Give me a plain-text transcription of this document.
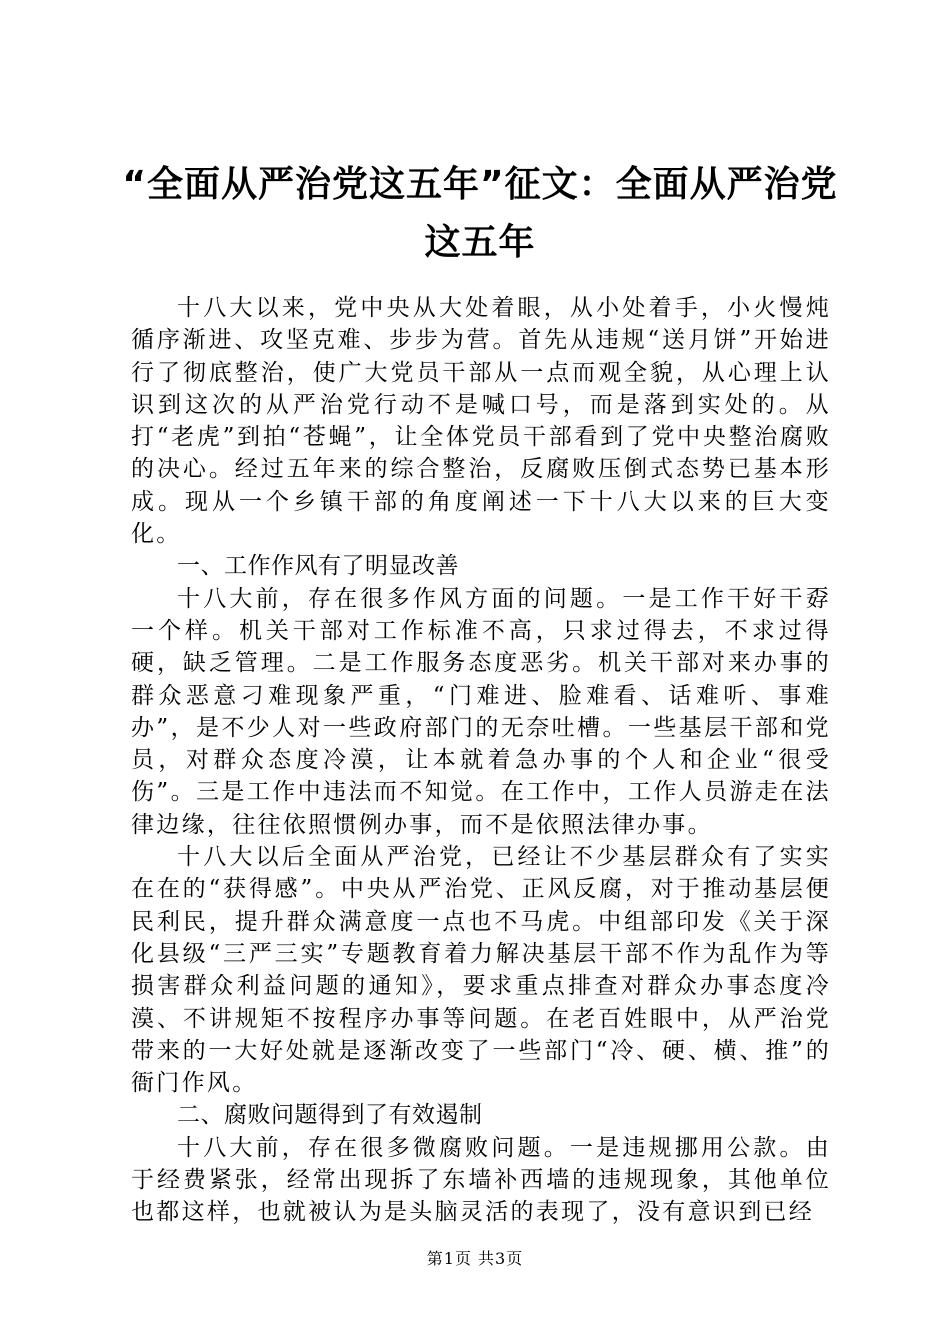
“全面从严治党这五年”征文：全面从严治党这五年

十八大以来，党中央从大处着眼，从小处着手，小火慢炖循序渐进、攻坚克难、步步为营。首先从违规“送月饼”开始进行了彻底整治，使广大党员干部从一点而观全貌，从心理上认识到这次的从严治党行动不是喊口号，而是落到实处的。从打“老虎”到拍“苍蝇”，让全体党员干部看到了党中央整治腐败的决心。经过五年来的综合整治，反腐败压倒式态势已基本形成。现从一个乡镇干部的角度阐述一下十八大以来的巨大变化。

一、工作作风有了明显改善

十八大前，存在很多作风方面的问题。一是工作干好干孬一个样。机关干部对工作标准不高，只求过得去，不求过得硬，缺乏管理。二是工作服务态度恶劣。机关干部对来办事的群众恶意刁难现象严重，“门难进、脸难看、话难听、事难办”，是不少人对一些政府部门的无奈吐槽。一些基层干部和党员，对群众态度冷漠，让本就着急办事的个人和企业“很受伤”。三是工作中违法而不知觉。在工作中，工作人员游走在法律边缘，往往依照惯例办事，而不是依照法律办事。

十八大以后全面从严治党，已经让不少基层群众有了实实在在的“获得感”。中央从严治党、正风反腐，对于推动基层便民利民，提升群众满意度一点也不马虎。中组部印发《关于深化县级“三严三实”专题教育着力解决基层干部不作为乱作为等损害群众利益问题的通知》，要求重点排查对群众办事态度冷漠、不讲规矩不按程序办事等问题。在老百姓眼中，从严治党带来的一大好处就是逐渐改变了一些部门“冷、硬、横、推”的衙门作风。

二、腐败问题得到了有效遏制

十八大前，存在很多微腐败问题。一是违规挪用公款。由于经费紧张，经常出现拆了东墙补西墙的违规现象，其他单位也都这样，也就被认为是头脑灵活的表现了，没有意识到已经

第1页 共3页
